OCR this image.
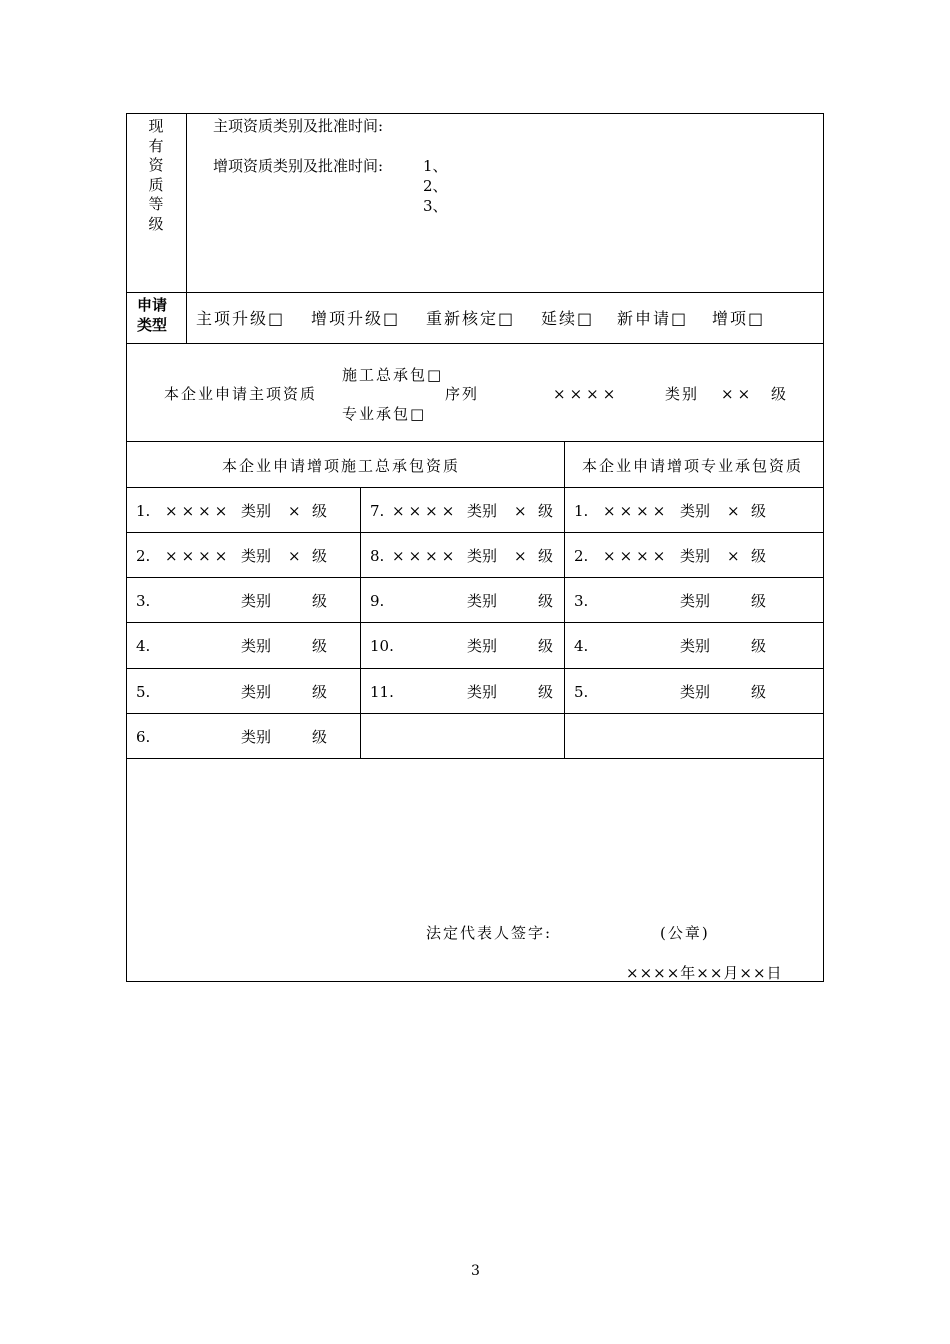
现
有
资
质
等
级
主项资质类别及批准时间:
增项资质类别及批准时间:	1、
2、
3、
申请
类型 主项升级□ 增项升级□ 重新核定□ 延续□ 新申请□ 增项□
本企业申请主项资质
施工总承包□
专业承包□
序列	××××	类别 ×× 级
本企业申请增项施工总承包资质	本企业申请增项专业承包资质
1. ×××× 类别 × 级	7. ×××× 类别 × 级 1. ×××× 类别 × 级
2. ×××× 类别 × 级	8. ×××× 类别 × 级 2. ×××× 类别 × 级
3.	类别	级	9.	类别	级 3.	类别	级
4.	类别	级	10.	类别	级 4.	类别	级
5.	类别	级	11.	类别	级 5.	类别	级
6.	类别	级
法定代表人签字:	(公章)
××××年××月××日
3
